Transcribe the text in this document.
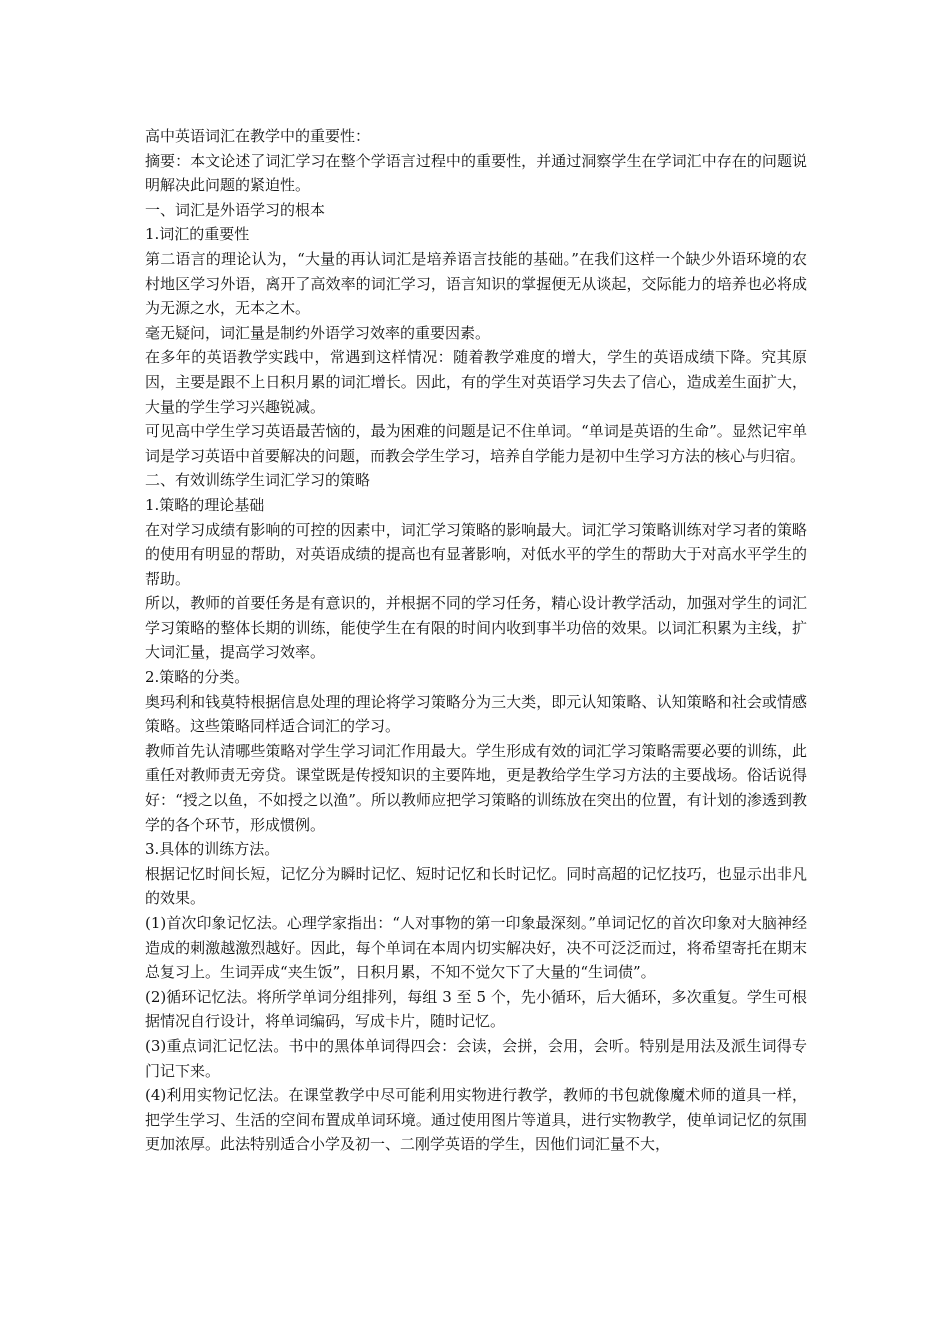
高中英语词汇在教学中的重要性：

摘要：本文论述了词汇学习在整个学语言过程中的重要性，并通过洞察学生在学词汇中存在的问题说明解决此问题的紧迫性。

一、词汇是外语学习的根本

1.词汇的重要性

第二语言的理论认为，“大量的再认词汇是培养语言技能的基础。”在我们这样一个缺少外语环境的农村地区学习外语，离开了高效率的词汇学习，语言知识的掌握便无从谈起，交际能力的培养也必将成为无源之水，无本之木。

毫无疑问，词汇量是制约外语学习效率的重要因素。

在多年的英语教学实践中，常遇到这样情况：随着教学难度的增大，学生的英语成绩下降。究其原因，主要是跟不上日积月累的词汇增长。因此，有的学生对英语学习失去了信心，造成差生面扩大，大量的学生学习兴趣锐减。

可见高中学生学习英语最苦恼的，最为困难的问题是记不住单词。“单词是英语的生命”。显然记牢单词是学习英语中首要解决的问题，而教会学生学习，培养自学能力是初中生学习方法的核心与归宿。

二、有效训练学生词汇学习的策略

1.策略的理论基础

在对学习成绩有影响的可控的因素中，词汇学习策略的影响最大。词汇学习策略训练对学习者的策略的使用有明显的帮助，对英语成绩的提高也有显著影响，对低水平的学生的帮助大于对高水平学生的帮助。

所以，教师的首要任务是有意识的，并根据不同的学习任务，精心设计教学活动，加强对学生的词汇学习策略的整体长期的训练，能使学生在有限的时间内收到事半功倍的效果。以词汇积累为主线，扩大词汇量，提高学习效率。

2.策略的分类。

奥玛利和钱莫特根据信息处理的理论将学习策略分为三大类，即元认知策略、认知策略和社会或情感策略。这些策略同样适合词汇的学习。

教师首先认清哪些策略对学生学习词汇作用最大。学生形成有效的词汇学习策略需要必要的训练，此重任对教师责无旁贷。课堂既是传授知识的主要阵地，更是教给学生学习方法的主要战场。俗话说得好：“授之以鱼，不如授之以渔”。所以教师应把学习策略的训练放在突出的位置，有计划的渗透到教学的各个环节，形成惯例。

3.具体的训练方法。

根据记忆时间长短，记忆分为瞬时记忆、短时记忆和长时记忆。同时高超的记忆技巧，也显示出非凡的效果。

(1)首次印象记忆法。心理学家指出：“人对事物的第一印象最深刻。”单词记忆的首次印象对大脑神经造成的刺激越激烈越好。因此，每个单词在本周内切实解决好，决不可泛泛而过，将希望寄托在期末总复习上。生词弄成“夹生饭”，日积月累，不知不觉欠下了大量的“生词债”。

(2)循环记忆法。将所学单词分组排列，每组 3 至 5 个，先小循环，后大循环，多次重复。学生可根据情况自行设计，将单词编码，写成卡片，随时记忆。

(3)重点词汇记忆法。书中的黑体单词得四会：会读，会拼，会用，会听。特别是用法及派生词得专门记下来。

(4)利用实物记忆法。在课堂教学中尽可能利用实物进行教学，教师的书包就像魔术师的道具一样，把学生学习、生活的空间布置成单词环境。通过使用图片等道具，进行实物教学，使单词记忆的氛围更加浓厚。此法特别适合小学及初一、二刚学英语的学生，因他们词汇量不大，
